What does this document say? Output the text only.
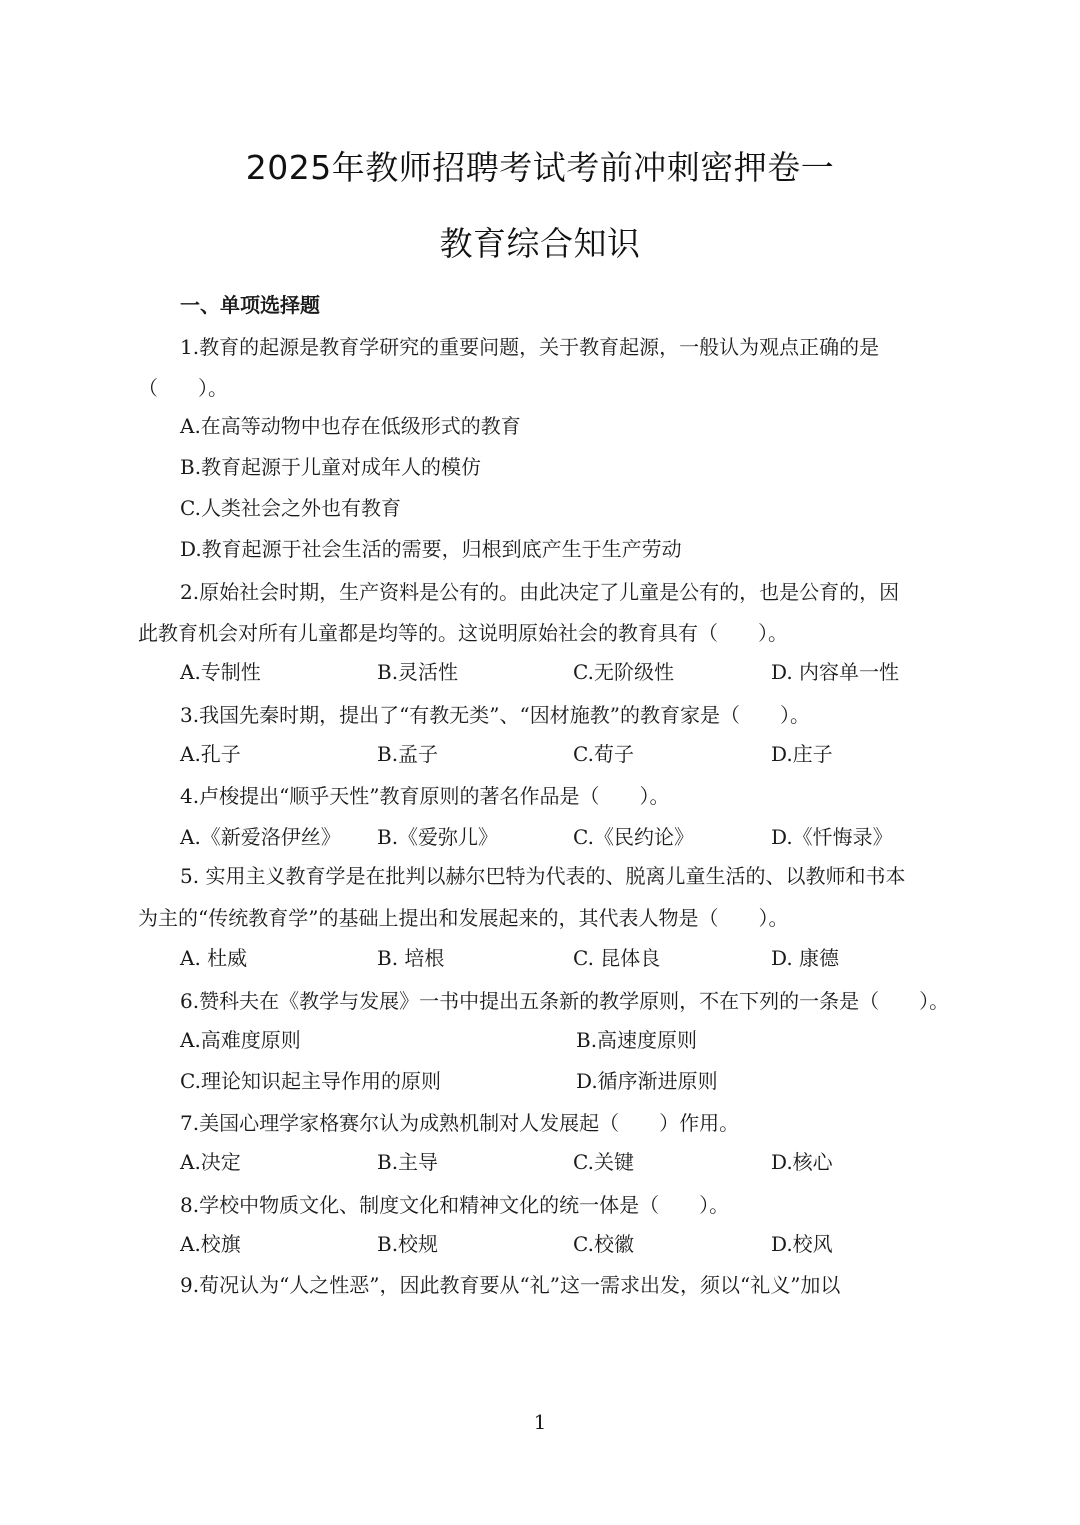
2025年教师招聘考试考前冲刺密押卷一
教育综合知识
一、单项选择题
1.教育的起源是教育学研究的重要问题，关于教育起源，一般认为观点正确的是
（　　）。
A.在高等动物中也存在低级形式的教育
B.教育起源于儿童对成年人的模仿
C.人类社会之外也有教育
D.教育起源于社会生活的需要，归根到底产生于生产劳动
2.原始社会时期，生产资料是公有的。由此决定了儿童是公有的，也是公育的，因
此教育机会对所有儿童都是均等的。这说明原始社会的教育具有（　　）。
A.专制性	B.灵活性	C.无阶级性	D. 内容单一性
3.我国先秦时期，提出了“有教无类”、“因材施教”的教育家是（　　）。
A.孔子	B.孟子	C.荀子	D.庄子
4.卢梭提出“顺乎天性”教育原则的著名作品是（　　）。
A.《新爱洛伊丝》 B.《爱弥儿》	C.《民约论》	D.《忏悔录》
5. 实用主义教育学是在批判以赫尔巴特为代表的、脱离儿童生活的、以教师和书本
为主的“传统教育学”的基础上提出和发展起来的，其代表人物是（　　）。
A. 杜威	B. 培根	C. 昆体良	D. 康德
6.赞科夫在《教学与发展》一书中提出五条新的教学原则，不在下列的一条是（　　）。
A.高难度原则	B.高速度原则
C.理论知识起主导作用的原则	D.循序渐进原则
7.美国心理学家格赛尔认为成熟机制对人发展起（　　）作用。
A.决定	B.主导	C.关键	D.核心
8.学校中物质文化、制度文化和精神文化的统一体是（　　）。
A.校旗	B.校规	C.校徽	D.校风
9.荀况认为“人之性恶”，因此教育要从“礼”这一需求出发，须以“礼义”加以
1
